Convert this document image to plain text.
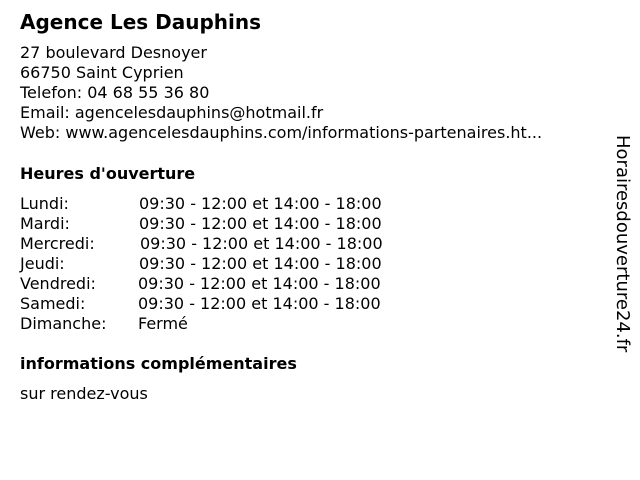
Agence Les Dauphins
27 boulevard Desnoyer
66750 Saint Cyprien
Telefon: 04 68 55 36 80
Email: agencelesdauphins@hotmail.fr
Web: www.agencelesdauphins.com/informations-partenaires.ht...
Heures d'ouverture
Lundi:	09:30 - 12:00 et 14:00 - 18:00
Mardi:	09:30 - 12:00 et 14:00 - 18:00
Mercredi:	09:30 - 12:00 et 14:00 - 18:00
Jeudi:	09:30 - 12:00 et 14:00 - 18:00
Vendredi:	09:30 - 12:00 et 14:00 - 18:00
Samedi:	09:30 - 12:00 et 14:00 - 18:00
Dimanche: Fermé
informations complémentaires
sur rendez-vous
Horairesdouverture24.fr
